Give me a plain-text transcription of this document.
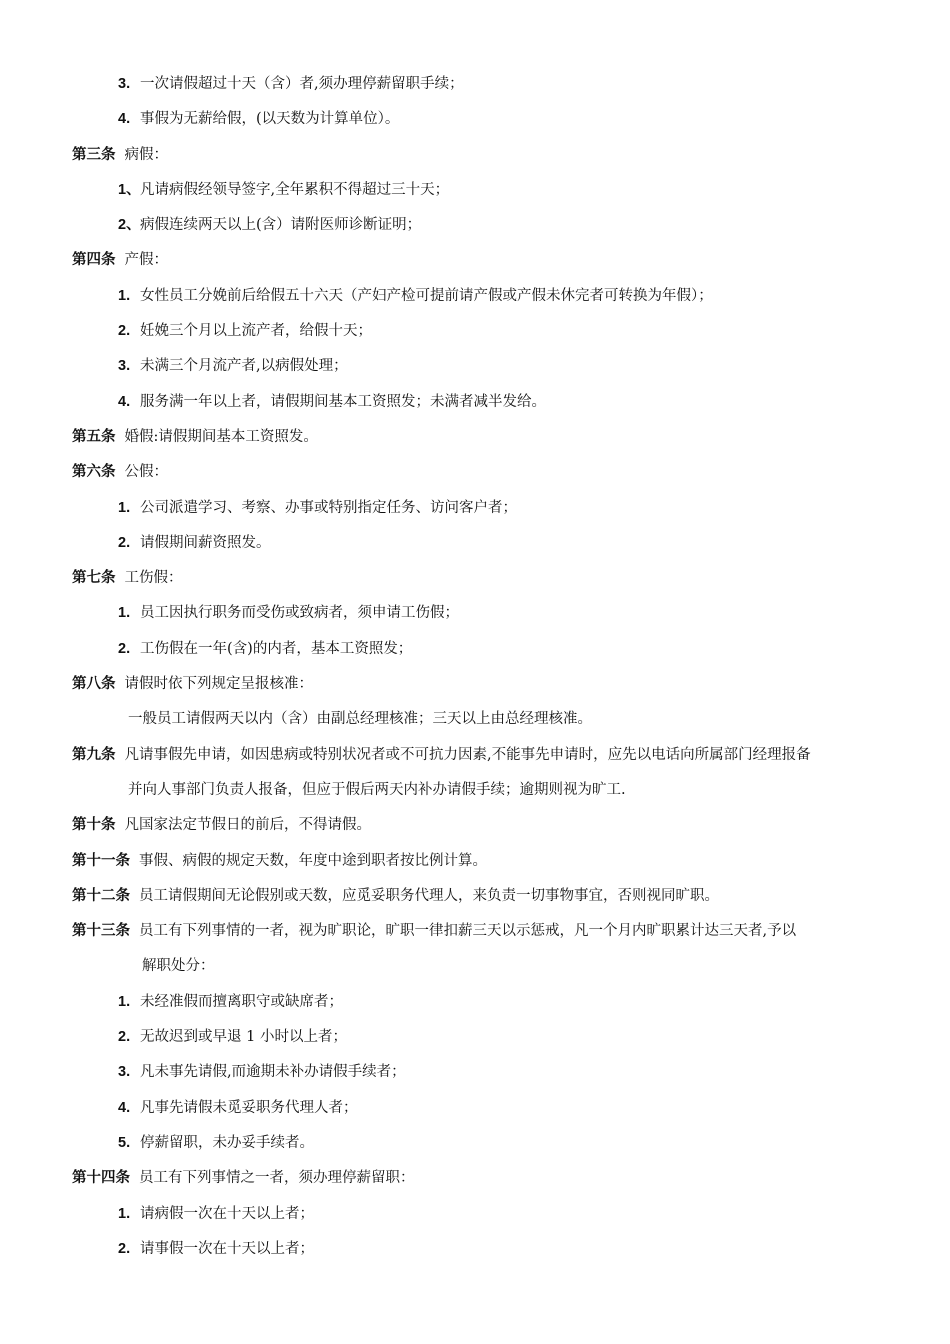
3. 一次请假超过十天（含）者,须办理停薪留职手续；
4. 事假为无薪给假，(以天数为计算单位）。
第三条 病假：
1、凡请病假经领导签字,全年累积不得超过三十天；
2、病假连续两天以上(含）请附医师诊断证明；
第四条 产假：
1. 女性员工分娩前后给假五十六天（产妇产检可提前请产假或产假未休完者可转换为年假）；
2. 妊娩三个月以上流产者，给假十天；
3. 未满三个月流产者,以病假处理；
4. 服务满一年以上者，请假期间基本工资照发；未满者减半发给。
第五条 婚假:请假期间基本工资照发。
第六条 公假：
1. 公司派遣学习、考察、办事或特别指定任务、访问客户者；
2. 请假期间薪资照发。
第七条 工伤假：
1. 员工因执行职务而受伤或致病者，须申请工伤假；
2. 工伤假在一年(含)的内者，基本工资照发；
第八条 请假时依下列规定呈报核准：
一般员工请假两天以内（含）由副总经理核准；三天以上由总经理核准。
第九条 凡请事假先申请，如因患病或特别状况者或不可抗力因素,不能事先申请时，应先以电话向所属部门经理报备
并向人事部门负责人报备，但应于假后两天内补办请假手续；逾期则视为旷工.
第十条 凡国家法定节假日的前后，不得请假。
第十一条 事假、病假的规定天数，年度中途到职者按比例计算。
第十二条 员工请假期间无论假别或天数，应觅妥职务代理人，来负责一切事物事宜，否则视同旷职。
第十三条 员工有下列事情的一者，视为旷职论，旷职一律扣薪三天以示惩戒，凡一个月内旷职累计达三天者,予以
解职处分：
1. 未经准假而擅离职守或缺席者；
2. 无故迟到或早退 1 小时以上者；
3. 凡未事先请假,而逾期未补办请假手续者；
4. 凡事先请假未觅妥职务代理人者；
5. 停薪留职，未办妥手续者。
第十四条 员工有下列事情之一者，须办理停薪留职：
1. 请病假一次在十天以上者；
2. 请事假一次在十天以上者；
